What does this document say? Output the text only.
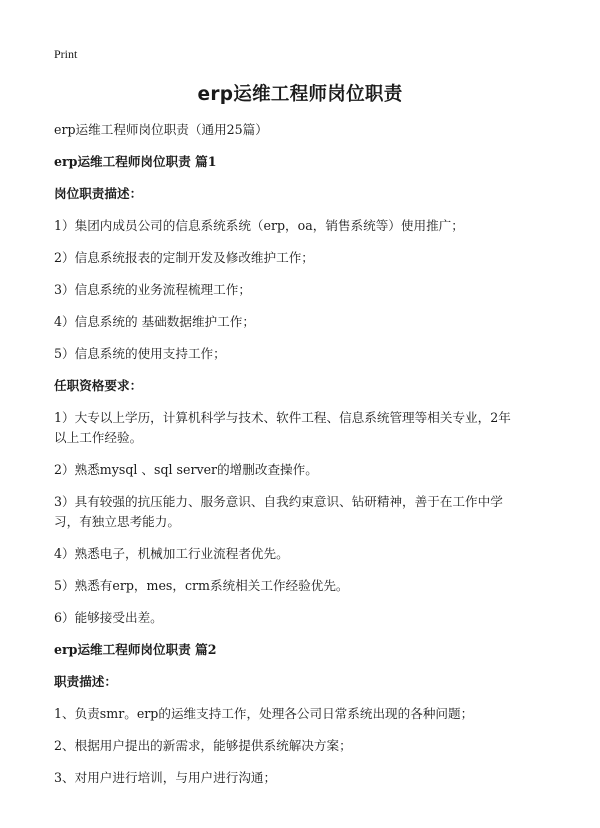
Print
erp运维工程师岗位职责

erp运维工程师岗位职责（通用25篇）

erp运维工程师岗位职责 篇1

岗位职责描述：

1）集团内成员公司的信息系统系统（erp，oa，销售系统等）使用推广；

2）信息系统报表的定制开发及修改维护工作；

3）信息系统的业务流程梳理工作；

4）信息系统的 基础数据维护工作；

5）信息系统的使用支持工作；

任职资格要求：

1）大专以上学历，计算机科学与技术、软件工程、信息系统管理等相关专业，2年

以上工作经验。

2）熟悉mysql 、sql server的增删改查操作。

3）具有较强的抗压能力、服务意识、自我约束意识、钻研精神，善于在工作中学

习，有独立思考能力。

4）熟悉电子，机械加工行业流程者优先。

5）熟悉有erp，mes，crm系统相关工作经验优先。

6）能够接受出差。

erp运维工程师岗位职责 篇2

职责描述：

1、负责smr。erp的运维支持工作，处理各公司日常系统出现的各种问题；

2、根据用户提出的新需求，能够提供系统解决方案；

3、对用户进行培训，与用户进行沟通；
